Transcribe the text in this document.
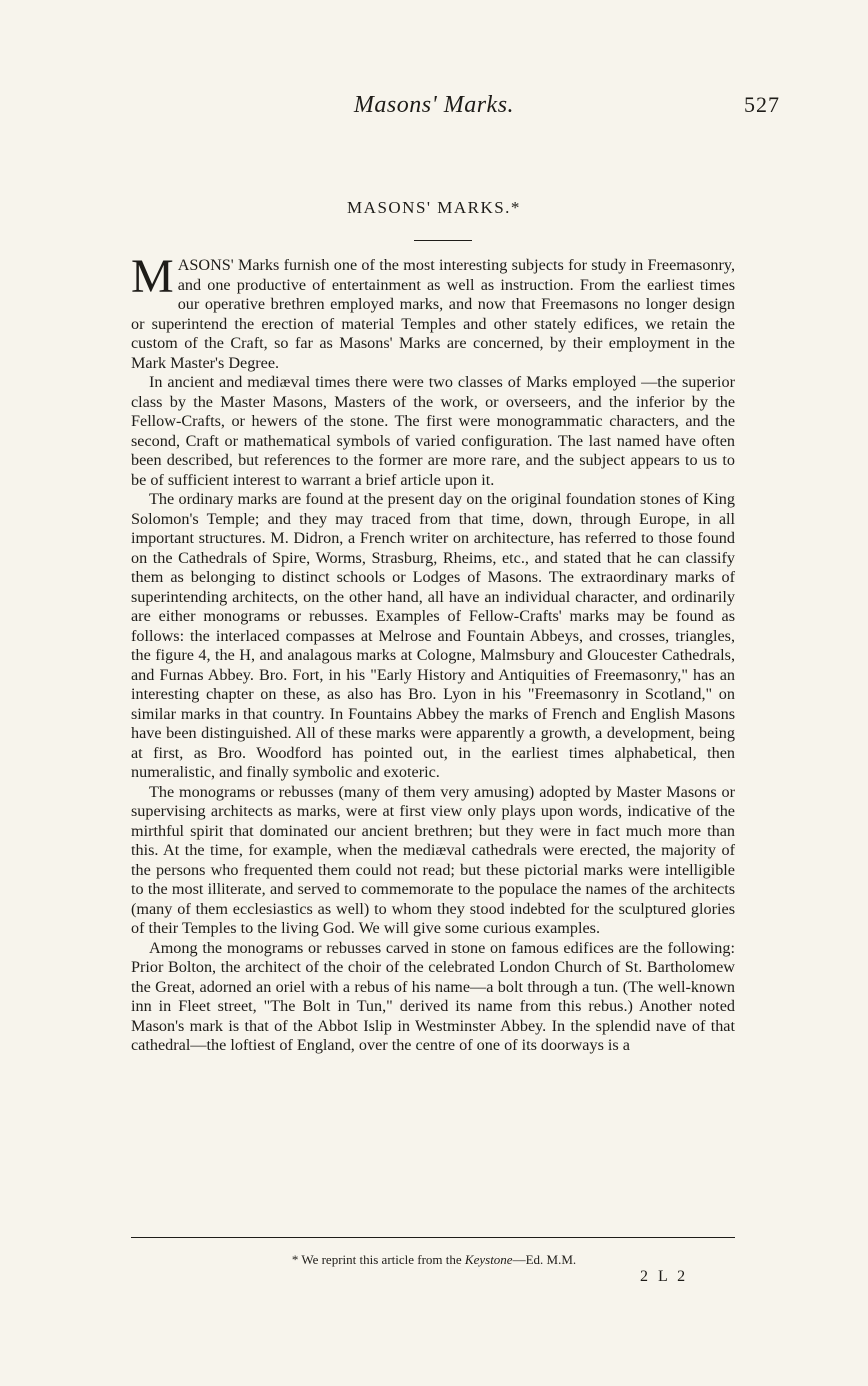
Masons' Marks.	527
MASONS' MARKS.*

MASONS' Marks furnish one of the most interesting subjects for study in Freemasonry, and one productive of entertainment as well as instruction. From the earliest times our operative brethren employed marks, and now that Freemasons no longer design or superintend the erection of material Temples and other stately edifices, we retain the custom of the Craft, so far as Masons' Marks are concerned, by their employment in the Mark Master's Degree.

In ancient and mediæval times there were two classes of Marks employed —the superior class by the Master Masons, Masters of the work, or overseers, and the inferior by the Fellow-Crafts, or hewers of the stone. The first were monogrammatic characters, and the second, Craft or mathematical symbols of varied configuration. The last named have often been described, but references to the former are more rare, and the subject appears to us to be of sufficient interest to warrant a brief article upon it.

The ordinary marks are found at the present day on the original foundation stones of King Solomon's Temple; and they may traced from that time, down, through Europe, in all important structures. M. Didron, a French writer on architecture, has referred to those found on the Cathedrals of Spire, Worms, Strasburg, Rheims, etc., and stated that he can classify them as belonging to distinct schools or Lodges of Masons. The extraordinary marks of superintending architects, on the other hand, all have an individual character, and ordinarily are either monograms or rebusses. Examples of Fellow-Crafts' marks may be found as follows: the interlaced compasses at Melrose and Fountain Abbeys, and crosses, triangles, the figure 4, the H, and analagous marks at Cologne, Malmsbury and Gloucester Cathedrals, and Furnas Abbey. Bro. Fort, in his "Early History and Antiquities of Freemasonry," has an interesting chapter on these, as also has Bro. Lyon in his "Freemasonry in Scotland," on similar marks in that country. In Fountains Abbey the marks of French and English Masons have been distinguished. All of these marks were apparently a growth, a development, being at first, as Bro. Woodford has pointed out, in the earliest times alphabetical, then numeralistic, and finally symbolic and exoteric.

The monograms or rebusses (many of them very amusing) adopted by Master Masons or supervising architects as marks, were at first view only plays upon words, indicative of the mirthful spirit that dominated our ancient brethren; but they were in fact much more than this. At the time, for example, when the mediæval cathedrals were erected, the majority of the persons who frequented them could not read; but these pictorial marks were intelligible to the most illiterate, and served to commemorate to the populace the names of the architects (many of them ecclesiastics as well) to whom they stood indebted for the sculptured glories of their Temples to the living God. We will give some curious examples.

Among the monograms or rebusses carved in stone on famous edifices are the following: Prior Bolton, the architect of the choir of the celebrated London Church of St. Bartholomew the Great, adorned an oriel with a rebus of his name—a bolt through a tun. (The well-known inn in Fleet street, "The Bolt in Tun," derived its name from this rebus.) Another noted Mason's mark is that of the Abbot Islip in Westminster Abbey. In the splendid nave of that cathedral—the loftiest of England, over the centre of one of its doorways is a

* We reprint this article from the Keystone—Ed. M.M.
2 L 2
